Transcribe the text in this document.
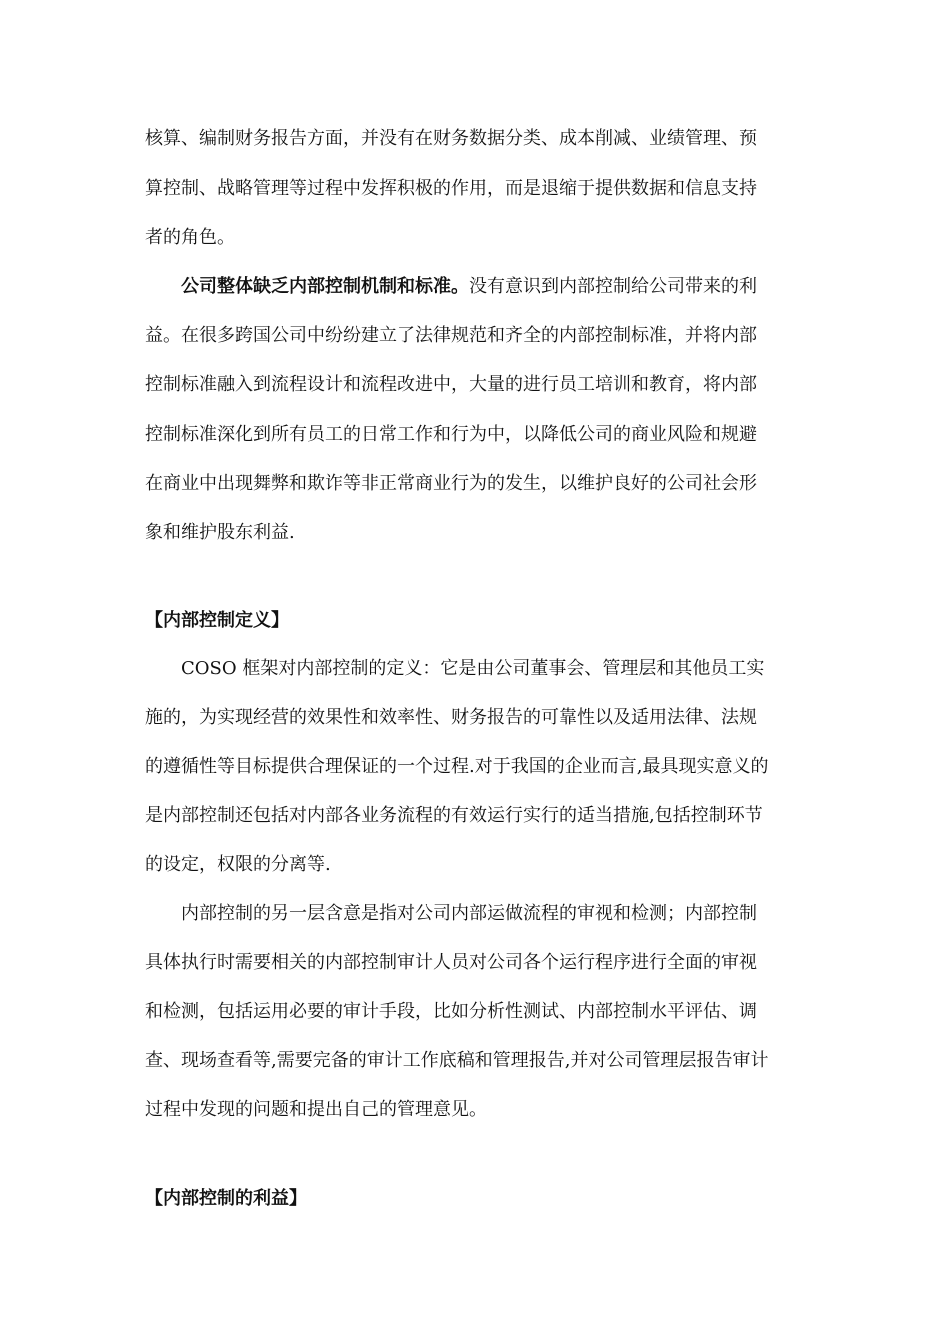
核算、编制财务报告方面，并没有在财务数据分类、成本削减、业绩管理、预
算控制、战略管理等过程中发挥积极的作用，而是退缩于提供数据和信息支持
者的角色。
公司整体缺乏内部控制机制和标准。没有意识到内部控制给公司带来的利
益。在很多跨国公司中纷纷建立了法律规范和齐全的内部控制标准，并将内部
控制标准融入到流程设计和流程改进中，大量的进行员工培训和教育，将内部
控制标准深化到所有员工的日常工作和行为中，以降低公司的商业风险和规避
在商业中出现舞弊和欺诈等非正常商业行为的发生，以维护良好的公司社会形
象和维护股东利益.
【内部控制定义】
COSO 框架对内部控制的定义：它是由公司董事会、管理层和其他员工实
施的，为实现经营的效果性和效率性、财务报告的可靠性以及适用法律、法规
的遵循性等目标提供合理保证的一个过程.对于我国的企业而言,最具现实意义的
是内部控制还包括对内部各业务流程的有效运行实行的适当措施,包括控制环节
的设定，权限的分离等.
内部控制的另一层含意是指对公司内部运做流程的审视和检测；内部控制
具体执行时需要相关的内部控制审计人员对公司各个运行程序进行全面的审视
和检测，包括运用必要的审计手段，比如分析性测试、内部控制水平评估、调
查、现场查看等,需要完备的审计工作底稿和管理报告,并对公司管理层报告审计
过程中发现的问题和提出自己的管理意见。
【内部控制的利益】
